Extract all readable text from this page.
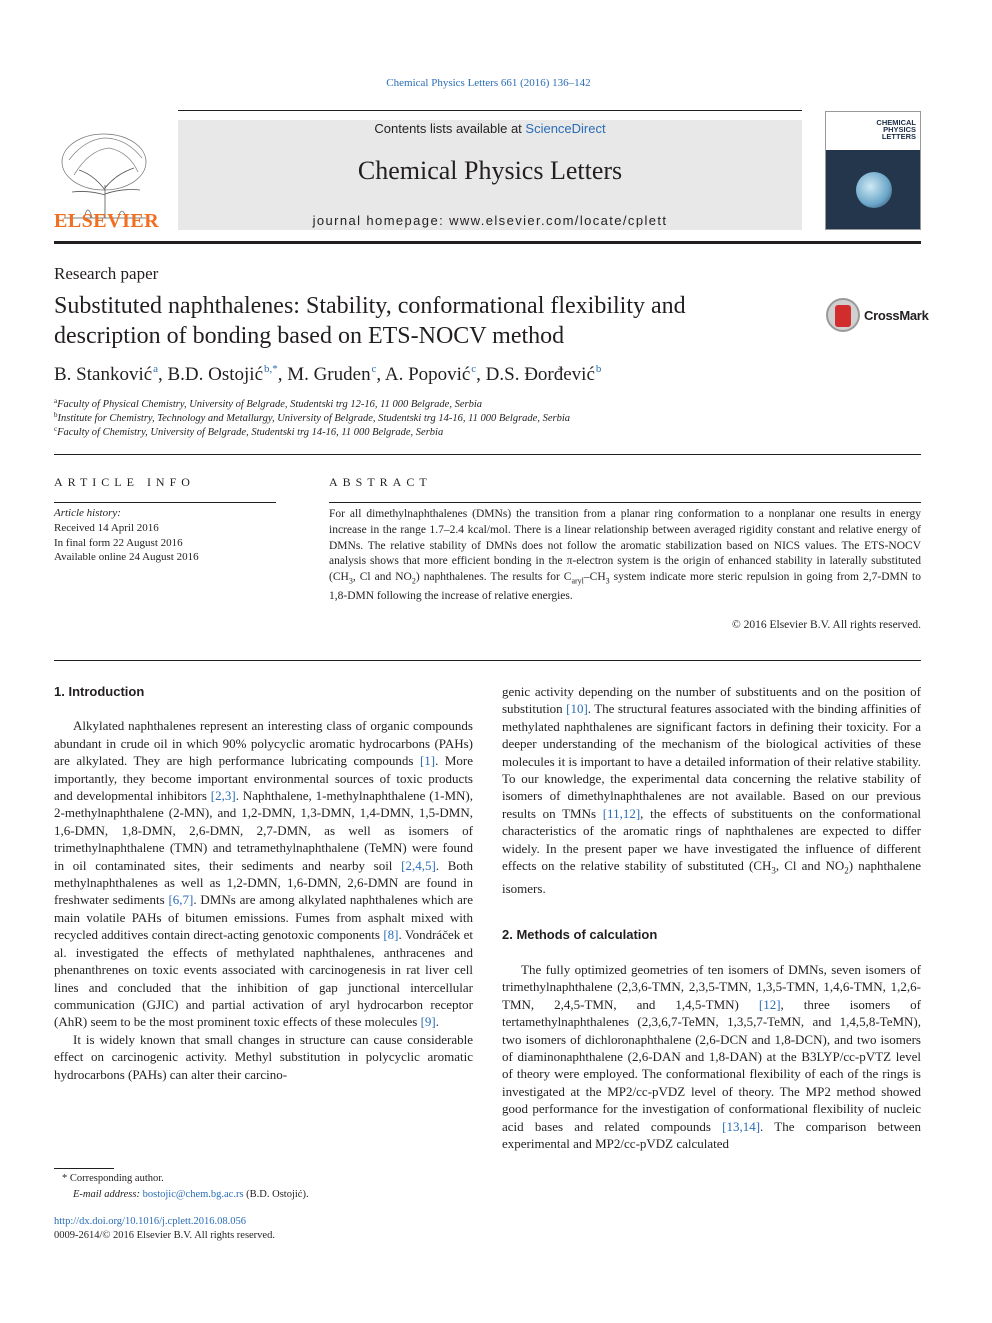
Chemical Physics Letters 661 (2016) 136–142
ELSEVIER
Contents lists available at ScienceDirect
Chemical Physics Letters
journal homepage: www.elsevier.com/locate/cplett
CHEMICAL
PHYSICS
LETTERS
Research paper
Substituted naphthalenes: Stability, conformational flexibility and description of bonding based on ETS-NOCV method
CrossMark
B. Stanković $^a$, B.D. Ostojić $^{b,*}$, M. Gruden $^c$, A. Popović $^c$, D.S. Đorđević $^b$
$^a$Faculty of Physical Chemistry, University of Belgrade, Studentski trg 12-16, 11 000 Belgrade, Serbia
$^b$Institute for Chemistry, Technology and Metallurgy, University of Belgrade, Studentski trg 14-16, 11 000 Belgrade, Serbia
$^c$Faculty of Chemistry, University of Belgrade, Studentski trg 14-16, 11 000 Belgrade, Serbia
ARTICLE INFO	ABSTRACT
Article history:
Received 14 April 2016
In final form 22 August 2016
Available online 24 August 2016
For all dimethylnaphthalenes (DMNs) the transition from a planar ring conformation to a nonplanar one results in energy increase in the range 1.7–2.4 kcal/mol. There is a linear relationship between averaged rigidity constant and relative energy of DMNs. The relative stability of DMNs does not follow the aromatic stabilization based on NICS values. The ETS-NOCV analysis shows that more efficient bonding in the π-electron system is the origin of enhanced stability in laterally substituted ($CH_3$, Cl and $NO_2$) naphthalenes. The results for $C_{aryl}-CH_3$ system indicate more steric repulsion in going from 2,7-DMN to 1,8-DMN following the increase of relative energies.
© 2016 Elsevier B.V. All rights reserved.
1. Introduction

Alkylated naphthalenes represent an interesting class of organic compounds abundant in crude oil in which 90% polycyclic aromatic hydrocarbons (PAHs) are alkylated. They are high performance lubricating compounds [1]. More importantly, they become important environmental sources of toxic products and developmental inhibitors [2,3]. Naphthalene, 1-methylnaphthalene (1-MN), 2-methylnaphthalene (2-MN), and 1,2-DMN, 1,3-DMN, 1,4-DMN, 1,5-DMN, 1,6-DMN, 1,8-DMN, 2,6-DMN, 2,7-DMN, as well as isomers of trimethylnaphthalene (TMN) and tetramethylnaphthalene (TeMN) were found in oil contaminated sites, their sediments and nearby soil [2,4,5]. Both methylnaphthalenes as well as 1,2-DMN, 1,6-DMN, 2,6-DMN are found in freshwater sediments [6,7]. DMNs are among alkylated naphthalenes which are main volatile PAHs of bitumen emissions. Fumes from asphalt mixed with recycled additives contain direct-acting genotoxic components [8]. Vondráček et al. investigated the effects of methylated naphthalenes, anthracenes and phenanthrenes on toxic events associated with carcinogenesis in rat liver cell lines and concluded that the inhibition of gap junctional intercellular communication (GJIC) and partial activation of aryl hydrocarbon receptor (AhR) seem to be the most prominent toxic effects of these molecules [9].

It is widely known that small changes in structure can cause considerable effect on carcinogenic activity. Methyl substitution in polycyclic aromatic hydrocarbons (PAHs) can alter their carcino-

genic activity depending on the number of substituents and on the position of substitution [10]. The structural features associated with the binding affinities of methylated naphthalenes are significant factors in defining their toxicity. For a deeper understanding of the mechanism of the biological activities of these molecules it is important to have a detailed information of their relative stability. To our knowledge, the experimental data concerning the relative stability of isomers of dimethylnaphthalenes are not available. Based on our previous results on TMNs [11,12], the effects of substituents on the conformational characteristics of the aromatic rings of naphthalenes are expected to differ widely. In the present paper we have investigated the influence of different effects on the relative stability of substituted ($CH_3$, Cl and $NO_2$) naphthalene isomers.

2. Methods of calculation

The fully optimized geometries of ten isomers of DMNs, seven isomers of trimethylnaphthalene (2,3,6-TMN, 2,3,5-TMN, 1,3,5-TMN, 1,4,6-TMN, 1,2,6-TMN, 2,4,5-TMN, and 1,4,5-TMN) [12], three isomers of tertamethylnaphthalenes (2,3,6,7-TeMN, 1,3,5,7-TeMN, and 1,4,5,8-TeMN), two isomers of dichloronaphthalene (2,6-DCN and 1,8-DCN), and two isomers of diaminonaphthalene (2,6-DAN and 1,8-DAN) at the B3LYP/cc-pVTZ level of theory were employed. The conformational flexibility of each of the rings is investigated at the MP2/cc-pVDZ level of theory. The MP2 method showed good performance for the investigation of conformational flexibility of nucleic acid bases and related compounds [13,14]. The comparison between experimental and MP2/cc-pVDZ calculated

* Corresponding author.
E-mail address: bostojic@chem.bg.ac.rs (B.D. Ostojić).
http://dx.doi.org/10.1016/j.cplett.2016.08.056
0009-2614/© 2016 Elsevier B.V. All rights reserved.
